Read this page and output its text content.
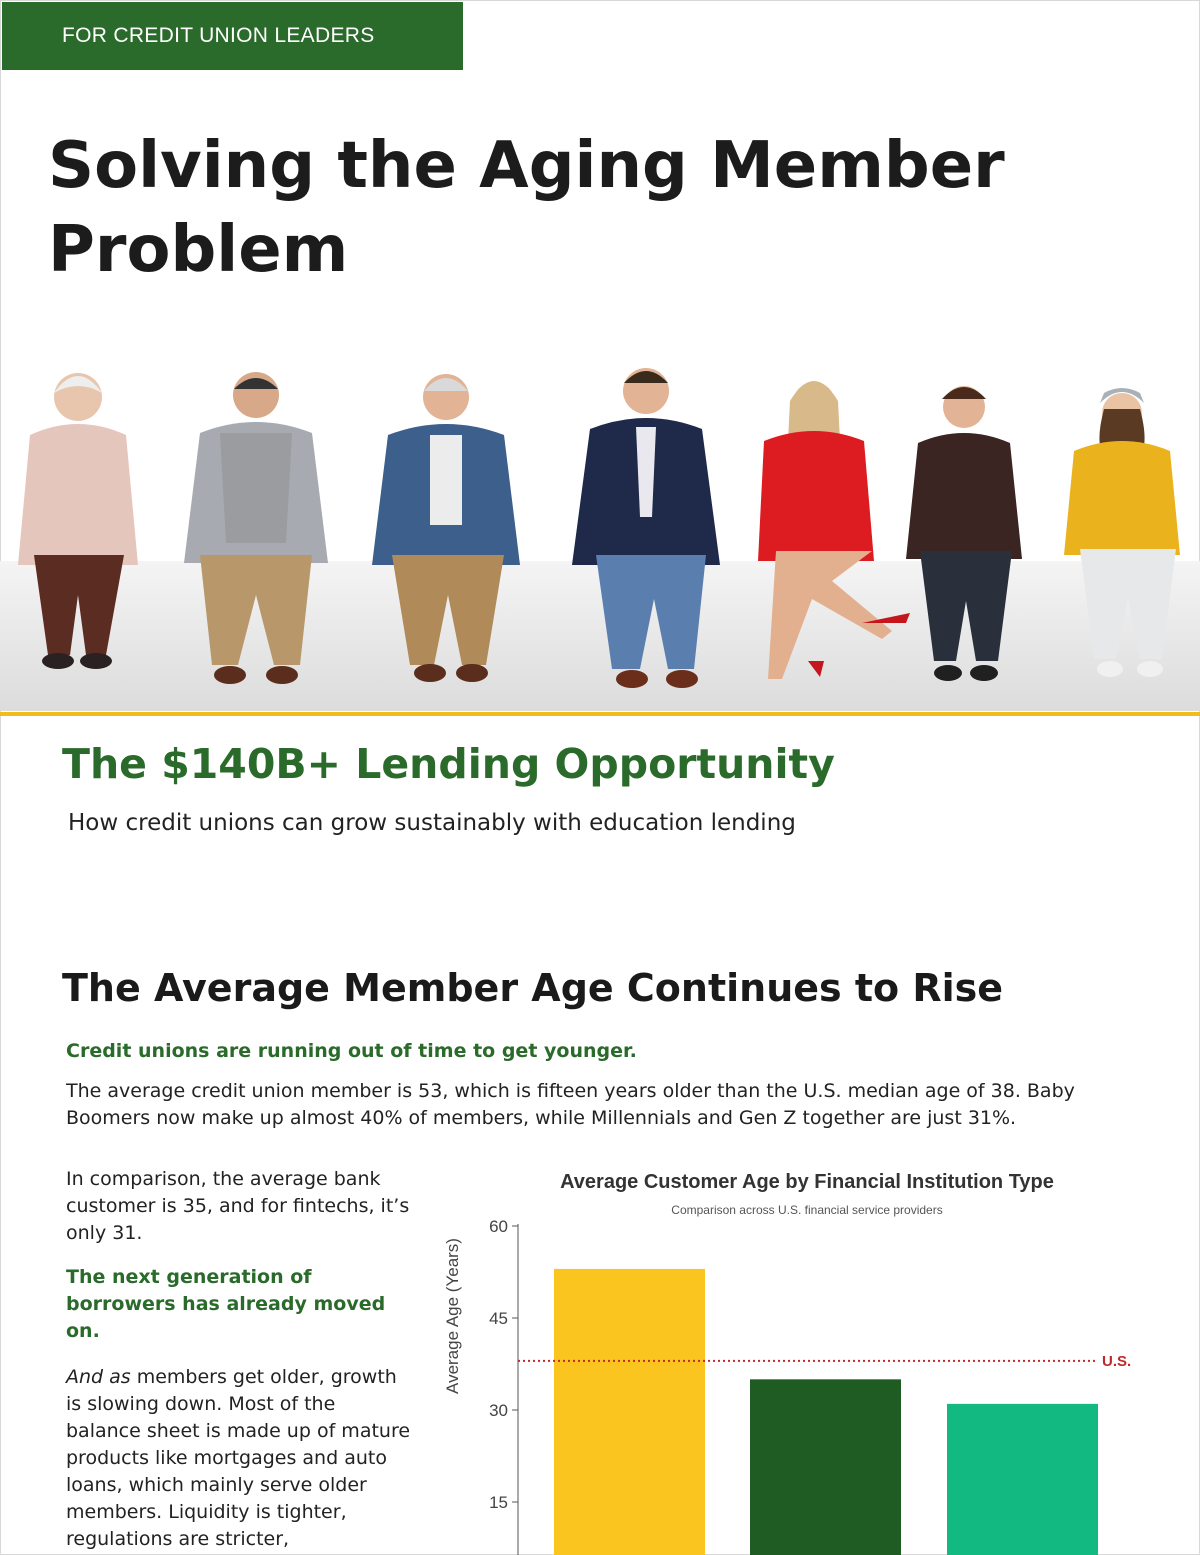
FOR CREDIT UNION LEADERS
Solving the Aging Member
Problem
The $140B+ Lending Opportunity
How credit unions can grow sustainably with education lending
The Average Member Age Continues to Rise
Credit unions are running out of time to get younger.
The average credit union member is 53, which is fifteen years older than the U.S. median age of 38. Baby Boomers now make up almost 40% of members, while Millennials and Gen Z together are just 31%.
In comparison, the average bank customer is 35, and for fintechs, it’s only 31.
The next generation of borrowers has already moved on.
And as members get older, growth is slowing down. Most of the balance sheet is made up of mature products like mortgages and auto loans, which mainly serve older members. Liquidity is tighter, regulations are stricter,
Average Customer Age by Financial Institution Type
Comparison across U.S. financial service providers
Average Age (Years)
15
30
45
60
U.S.
